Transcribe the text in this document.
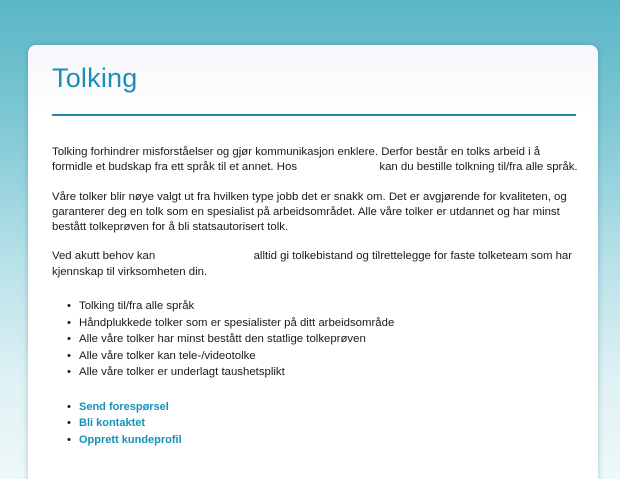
Tolking

Tolking forhindrer misforståelser og gjør kommunikasjon enklere. Derfor består en tolks arbeid i å formidle et budskap fra ett språk til et annet. Hos	kan du bestille tolkning til/fra alle språk.

Våre tolker blir nøye valgt ut fra hvilken type jobb det er snakk om. Det er avgjørende for kvaliteten, og garanterer deg en tolk som en spesialist på arbeidsområdet. Alle våre tolker er utdannet og har minst bestått tolkeprøven for å bli statsautorisert tolk.

Ved akutt behov kan	alltid gi tolkebistand og tilrettelegge for faste tolketeam som har kjennskap til virksomheten din.

• Tolking til/fra alle språk
• Håndplukkede tolker som er spesialister på ditt arbeidsområde
• Alle våre tolker har minst bestått den statlige tolkeprøven
• Alle våre tolker kan tele-/videotolke
• Alle våre tolker er underlagt taushetsplikt
• Send forespørsel
• Bli kontaktet
• Opprett kundeprofil
